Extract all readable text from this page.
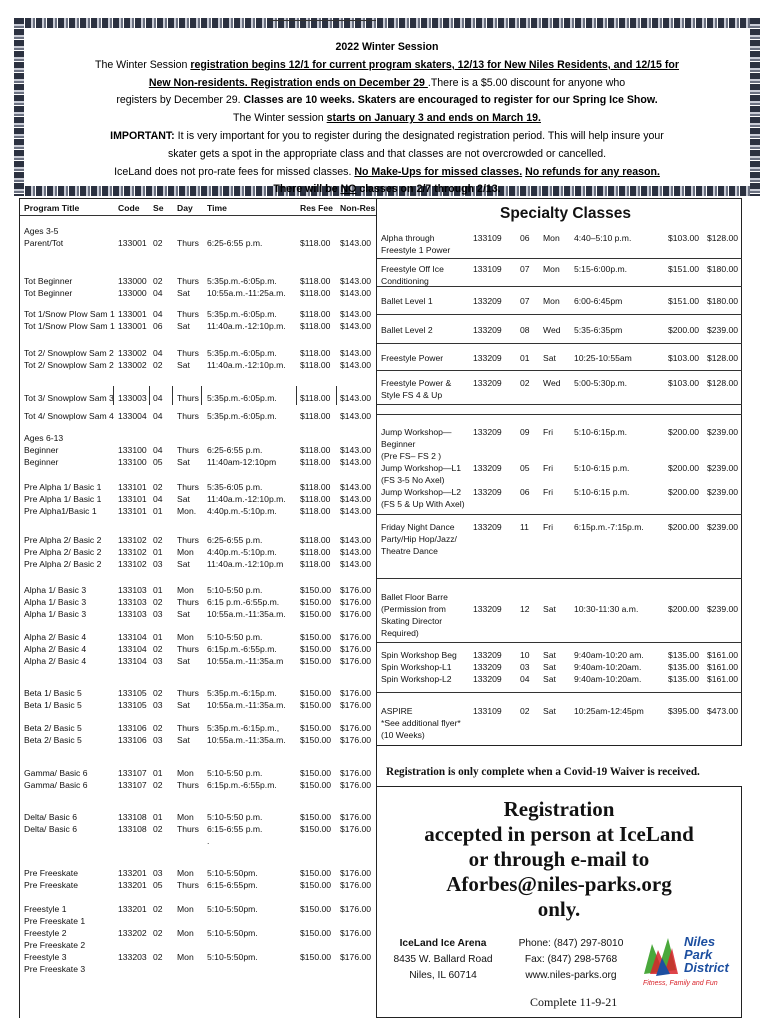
2022 Winter Session
The Winter Session registration begins 12/1 for current program skaters, 12/13 for New Niles Residents, and 12/15 for
New Non-residents. Registration ends on December 29 .There is a $5.00 discount for anyone who
registers by December 29. Classes are 10 weeks. Skaters are encouraged to register for our Spring Ice Show.
The Winter session starts on January 3 and ends on March 19.
IMPORTANT: It is very important for you to register during the designated registration period. This will help insure your
skater gets a spot in the appropriate class and that classes are not overcrowded or cancelled.
IceLand does not pro-rate fees for missed classes. No Make-Ups for missed classes. No refunds for any reason.
There will be NO classes on 2/7 through 2/13.
Program Title	Code Se Day Time	Res Fee Non-Res
Ages 3-5
Parent/Tot	133001 02 Thurs 6:25-6:55 p.m.	$118.00 $143.00
Tot Beginner	133000 02 Thurs 5:35p.m.-6:05p.m.	$118.00 $143.00
Tot Beginner	133000 04 Sat 10:55a.m.-11:25a.m. $118.00 $143.00
Tot 1/Snow Plow Sam 1 133001 04 Thurs 5:35p.m.-6:05p.m.	$118.00 $143.00
Tot 1/Snow Plow Sam 1 133001 06 Sat 11:40a.m.-12:10p.m. $118.00 $143.00
Tot 2/ Snowplow Sam 2 133002 04 Thurs 5:35p.m.-6:05p.m.	$118.00 $143.00
Tot 2/ Snowplow Sam 2 133002 02 Sat 11:40a.m.-12:10p.m. $118.00 $143.00
Tot 3/ Snowplow Sam 3 133003 04 Thurs 5:35p.m.-6:05p.m.	$118.00 $143.00
Tot 4/ Snowplow Sam 4 133004 04 Thurs 5:35p.m.-6:05p.m.	$118.00 $143.00
Ages 6-13
Beginner	133100 04 Thurs 6:25-6:55 p.m.	$118.00 $143.00
Beginner	133100 05 Sat 11:40am-12:10pm	$118.00 $143.00
Pre Alpha 1/ Basic 1 133101 02 Thurs 5:35-6:05 p.m.	$118.00 $143.00
Pre Alpha 1/ Basic 1 133101 04 Sat 11:40a.m.-12:10p.m. $118.00 $143.00
Pre Alpha1/Basic 1 133101 01 Mon. 4:40p.m.-5:10p.m.	$118.00 $143.00
Pre Alpha 2/ Basic 2 133102 02 Thurs 6:25-6:55 p.m.	$118.00 $143.00
Pre Alpha 2/ Basic 2 133102 01 Mon 4:40p.m.-5:10p.m.	$118.00 $143.00
Pre Alpha 2/ Basic 2 133102 03 Sat 11:40a.m.-12:10p.m $118.00 $143.00
Alpha 1/ Basic 3	133103 01 Mon 5:10-5:50 p.m.	$150.00 $176.00
Alpha 1/ Basic 3	133103 02 Thurs 6:15 p.m.-6:55p.m. $150.00 $176.00
Alpha 1/ Basic 3	133103 03 Sat 10:55a.m.-11:35a.m. $150.00 $176.00
Alpha 2/ Basic 4	133104 01 Mon 5:10-5:50 p.m.	$150.00 $176.00
Alpha 2/ Basic 4	133104 02 Thurs 6:15p.m.-6:55p.m.	$150.00 $176.00
Alpha 2/ Basic 4	133104 03 Sat 10:55a.m.-11:35a.m $150.00 $176.00
Beta 1/ Basic 5	133105 02 Thurs 5:35p.m.-6:15p.m.	$150.00 $176.00
Beta 1/ Basic 5	133105 03 Sat 10:55a.m.-11:35a.m. $150.00 $176.00
Beta 2/ Basic 5	133106 02 Thurs 5:35p.m.-6:15p.m., $150.00 $176.00
Beta 2/ Basic 5	133106 03 Sat 10:55a.m.-11:35a.m. $150.00 $176.00
Gamma/ Basic 6	133107 01 Mon 5:10-5:50 p.m.	$150.00 $176.00
Gamma/ Basic 6	133107 02 Thurs 6:15p.m.-6:55p.m.	$150.00 $176.00
Delta/ Basic 6	133108 01 Mon 5:10-5:50 p.m.	$150.00 $176.00
Delta/ Basic 6	133108 02 Thurs 6:15-6:55 p.m.	$150.00 $176.00
.
Pre Freeskate	133201 03 Mon 5:10-5:50pm.	$150.00 $176.00
Pre Freeskate	133201 05 Thurs 6:15-6:55pm.	$150.00 $176.00
Freestyle 1	133201 02 Mon 5:10-5:50pm.	$150.00 $176.00
Pre Freeskate 1
Freestyle 2	133202 02 Mon 5:10-5:50pm.	$150.00 $176.00
Pre Freeskate 2
Freestyle 3	133203 02 Mon 5:10-5:50pm.	$150.00 $176.00
Pre Freeskate 3
Specialty Classes
Alpha through	133109 06 Mon 4:40–5:10 p.m.	$103.00 $128.00
Freestyle 1 Power
Freestyle Off Ice	133109 07 Mon 5:15-6:00p.m.	$151.00 $180.00
Conditioning
Ballet Level 1	133209 07 Mon 6:00-6:45pm	$151.00 $180.00
Ballet Level 2	133209 08 Wed 5:35-6:35pm	$200.00 $239.00
Freestyle Power	133209 01 Sat 10:25-10:55am	$103.00 $128.00
Freestyle Power &	133209 02 Wed 5:00-5:30p.m.	$103.00 $128.00
Style FS 4 & Up
Jump Workshop— 133209 09 Fri 5:10-6:15p.m.	$200.00 $239.00
Beginner
(Pre FS– FS 2 )
Jump Workshop—L1 133209 05 Fri 5:10-6:15 p.m.	$200.00 $239.00
(FS 3-5 No Axel)
Jump Workshop—L2 133209 06 Fri 5:10-6:15 p.m.	$200.00 $239.00
(FS 5 & Up With Axel)
Friday Night Dance 133209 11 Fri 6:15p.m.-7:15p.m.	$200.00 $239.00
Party/Hip Hop/Jazz/
Theatre Dance
Ballet Floor Barre
(Permission from	133209 12 Sat 10:30-11:30 a.m.	$200.00 $239.00
Skating Director
Required)
Spin Workshop Beg 133209 10 Sat 9:40am-10:20 am.	$135.00 $161.00
Spin Workshop-L1 133209 03 Sat 9:40am-10:20am.	$135.00 $161.00
Spin Workshop-L2 133209 04 Sat 9:40am-10:20am.	$135.00 $161.00
ASPIRE	133109 02 Sat 10:25am-12:45pm	$395.00 $473.00
*See additional flyer*
(10 Weeks)
Registration is only complete when a Covid-19 Waiver is received.
Registration
accepted in person at IceLand
or through e-mail to
Aforbes@niles-parks.org
only.
IceLand Ice Arena
8435 W. Ballard Road
Niles, IL 60714
Phone: (847) 297-8010
Fax: (847) 298-5768
www.niles-parks.org
Niles
Park
District
Fitness, Family and Fun
Complete 11-9-21
